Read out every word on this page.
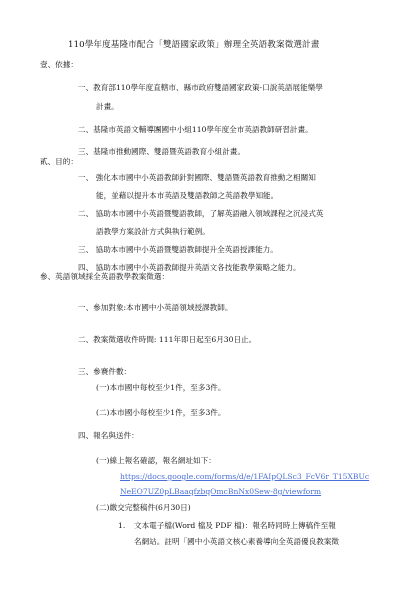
110學年度基隆市配合「雙語國家政策」辦理全英語教案徵選計畫
壹、依據：
一、教育部110學年度直轄市、縣市政府雙語國家政策-口說英語展能樂學
計畫。
二、基隆市英語文輔導團國中小組110學年度全市英語教師研習計畫。
三、基隆市推動國際、雙語暨英語教育小組計畫。
貳、目的：
一、 強化本市國中小英語教師針對國際、雙語暨英語教育推動之相關知
能，並藉以提升本市英語及雙語教師之英語教學知能。
二、 協助本市國中小英語暨雙語教師，了解英語融入領域課程之沉浸式英
語教學方案設計方式與執行範例。
三、 協助本市國中小英語暨雙語教師提升全英語授課能力。
四、 協助本市國中小英語教師提升英語文各技能教學策略之能力。
參、英語領域採全英語教學教案徵選：
一、參加對象:本市國中小英語領域授課教師。
二、教案徵選收件時間: 111年即日起至6月30日止。
三、參賽件數：
(一)本市國中每校至少1件，至多3件。
(二)本市國小每校至少1件，至多3件。
四、報名與送件：
(一)線上報名確認，報名網址如下：
https://docs.google.com/forms/d/e/1FAIpQLSc3_FcV6r_T15XBUc
NeEO7UZ0pLBaaqfzbqOmcBnNx0Sew-8g/viewform
(二)繳交完整稿件(6月30日)
1. 文本電子檔(Word 檔及 PDF 檔)：報名時同時上傳稿件至報
名網站。註明「國中小英語文核心素養導向全英語優良教案徵
